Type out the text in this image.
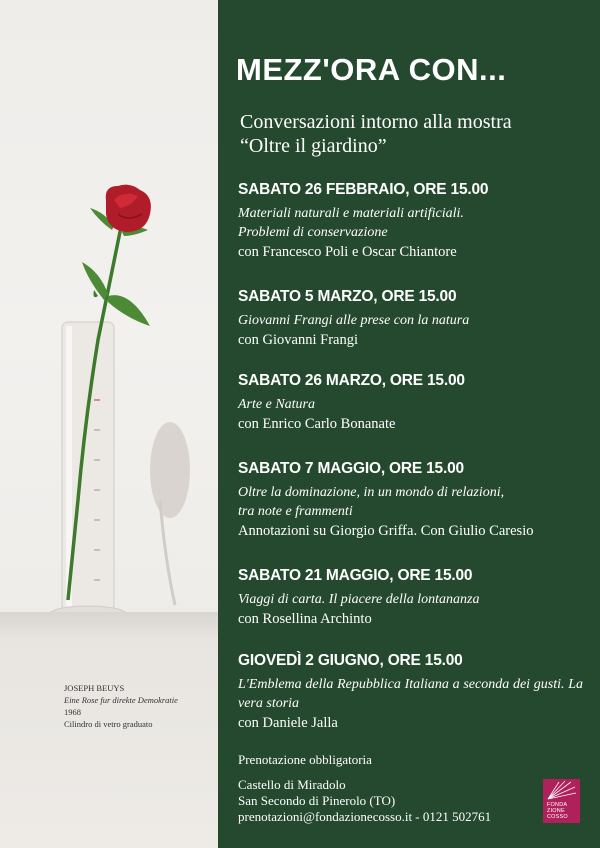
JOSEPH BEUYS
Eine Rose fur direkte Demokratie
1968
Cilindro di vetro graduato
MEZZ'ORA CON...
Conversazioni intorno alla mostra
“Oltre il giardino”
SABATO 26 FEBBRAIO, ORE 15.00
Materiali naturali e materiali artificiali.
Problemi di conservazione
con Francesco Poli e Oscar Chiantore
SABATO 5 MARZO, ORE 15.00
Giovanni Frangi alle prese con la natura
con Giovanni Frangi
SABATO 26 MARZO, ORE 15.00
Arte e Natura
con Enrico Carlo Bonanate
SABATO 7 MAGGIO, ORE 15.00
Oltre la dominazione, in un mondo di relazioni,
tra note e frammenti
Annotazioni su Giorgio Griffa. Con Giulio Caresio
SABATO 21 MAGGIO, ORE 15.00
Viaggi di carta. Il piacere della lontananza
con Rosellina Archinto
GIOVEDÌ 2 GIUGNO, ORE 15.00
L'Emblema della Repubblica Italiana a seconda dei gusti. La vera storia
con Daniele Jalla
Prenotazione obbligatoria
Castello di Miradolo
San Secondo di Pinerolo (TO)
prenotazioni@fondazionecosso.it - 0121 502761
FONDA
ZIONE
COSSO
